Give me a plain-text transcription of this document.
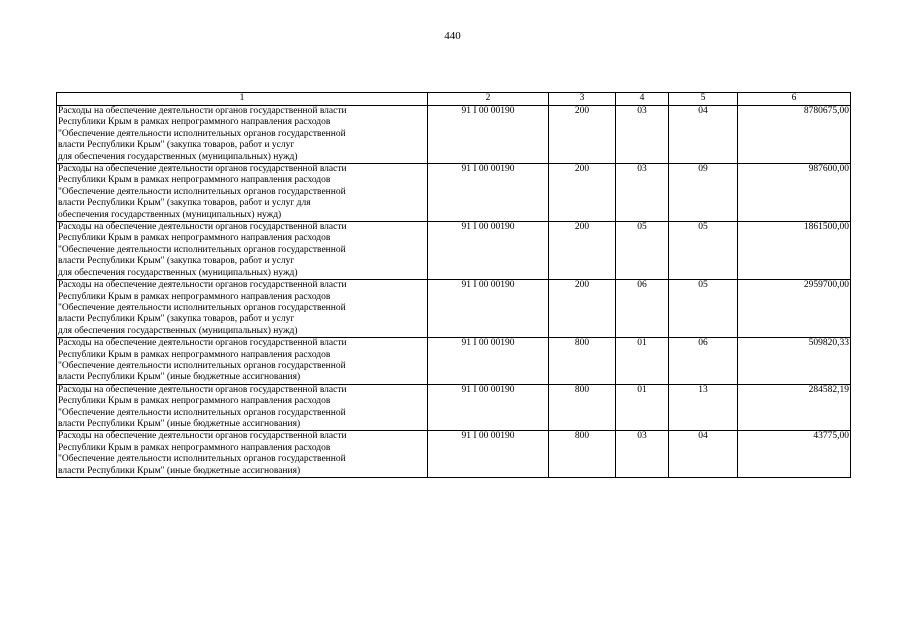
440
1	2	3	4	5	6
Расходы на обеспечение деятельности органов государственной власти
Республики Крым в рамках непрограммного направления расходов
"Обеспечение деятельности исполнительных органов государственной
власти Республики Крым" (закупка товаров, работ и услуг
для обеспечения государственных (муниципальных) нужд)	91 I 00 00190	200	03	04	8780675,00
Расходы на обеспечение деятельности органов государственной власти
Республики Крым в рамках непрограммного направления расходов
"Обеспечение деятельности исполнительных органов государственной
власти Республики Крым" (закупка товаров, работ и услуг для
обеспечения государственных (муниципальных) нужд)	91 I 00 00190	200	03	09	987600,00
Расходы на обеспечение деятельности органов государственной власти
Республики Крым в рамках непрограммного направления расходов
"Обеспечение деятельности исполнительных органов государственной
власти Республики Крым" (закупка товаров, работ и услуг
для обеспечения государственных (муниципальных) нужд)	91 I 00 00190	200	05	05	1861500,00
Расходы на обеспечение деятельности органов государственной власти
Республики Крым в рамках непрограммного направления расходов
"Обеспечение деятельности исполнительных органов государственной
власти Республики Крым" (закупка товаров, работ и услуг
для обеспечения государственных (муниципальных) нужд)	91 I 00 00190	200	06	05	2959700,00
Расходы на обеспечение деятельности органов государственной власти
Республики Крым в рамках непрограммного направления расходов
"Обеспечение деятельности исполнительных органов государственной
власти Республики Крым" (иные бюджетные ассигнования)	91 I 00 00190	800	01	06	509820,33
Расходы на обеспечение деятельности органов государственной власти
Республики Крым в рамках непрограммного направления расходов
"Обеспечение деятельности исполнительных органов государственной
власти Республики Крым" (иные бюджетные ассигнования)	91 I 00 00190	800	01	13	284582,19
Расходы на обеспечение деятельности органов государственной власти
Республики Крым в рамках непрограммного направления расходов
"Обеспечение деятельности исполнительных органов государственной
власти Республики Крым" (иные бюджетные ассигнования)	91 I 00 00190	800	03	04	43775,00
